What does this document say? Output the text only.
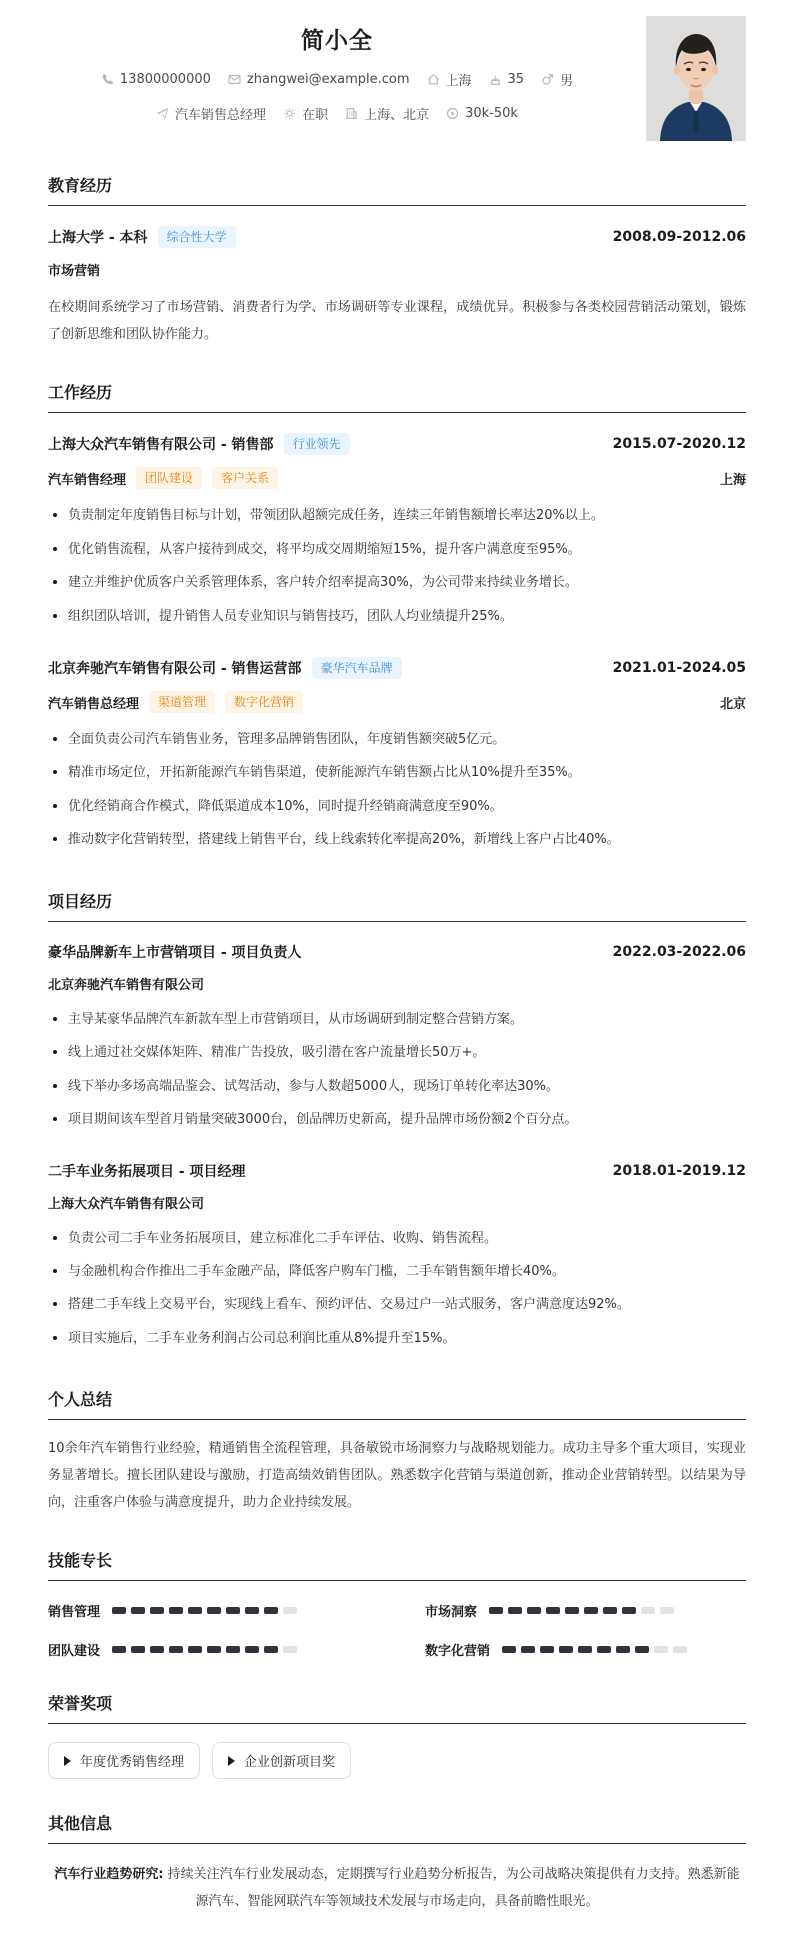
简小全
13800000000	zhangwei@example.com	上海	35	男
汽车销售总经理	在职	上海、北京	30k-50k
教育经历
上海大学 - 本科	综合性大学	2008.09-2012.06
市场营销

在校期间系统学习了市场营销、消费者行为学、市场调研等专业课程，成绩优异。积极参与各类校园营销活动策划，锻炼了创新思维和团队协作能力。

工作经历
上海大众汽车销售有限公司 - 销售部	行业领先	2015.07-2020.12
汽车销售经理	团队建设	客户关系	上海
负责制定年度销售目标与计划，带领团队超额完成任务，连续三年销售额增长率达20%以上。
优化销售流程，从客户接待到成交，将平均成交周期缩短15%，提升客户满意度至95%。
建立并维护优质客户关系管理体系，客户转介绍率提高30%，为公司带来持续业务增长。
组织团队培训，提升销售人员专业知识与销售技巧，团队人均业绩提升25%。
北京奔驰汽车销售有限公司 - 销售运营部	豪华汽车品牌	2021.01-2024.05
汽车销售总经理	渠道管理	数字化营销	北京
全面负责公司汽车销售业务，管理多品牌销售团队，年度销售额突破5亿元。
精准市场定位，开拓新能源汽车销售渠道，使新能源汽车销售额占比从10%提升至35%。
优化经销商合作模式，降低渠道成本10%，同时提升经销商满意度至90%。
推动数字化营销转型，搭建线上销售平台，线上线索转化率提高20%，新增线上客户占比40%。
项目经历
豪华品牌新车上市营销项目 - 项目负责人	2022.03-2022.06
北京奔驰汽车销售有限公司
主导某豪华品牌汽车新款车型上市营销项目，从市场调研到制定整合营销方案。
线上通过社交媒体矩阵、精准广告投放，吸引潜在客户流量增长50万+。
线下举办多场高端品鉴会、试驾活动，参与人数超5000人，现场订单转化率达30%。
项目期间该车型首月销量突破3000台，创品牌历史新高，提升品牌市场份额2个百分点。
二手车业务拓展项目 - 项目经理	2018.01-2019.12
上海大众汽车销售有限公司
负责公司二手车业务拓展项目，建立标准化二手车评估、收购、销售流程。
与金融机构合作推出二手车金融产品，降低客户购车门槛，二手车销售额年增长40%。
搭建二手车线上交易平台，实现线上看车、预约评估、交易过户一站式服务，客户满意度达92%。
项目实施后，二手车业务利润占公司总利润比重从8%提升至15%。
个人总结

10余年汽车销售行业经验，精通销售全流程管理，具备敏锐市场洞察力与战略规划能力。成功主导多个重大项目，实现业务显著增长。擅长团队建设与激励，打造高绩效销售团队。熟悉数字化营销与渠道创新，推动企业营销转型。以结果为导向，注重客户体验与满意度提升，助力企业持续发展。

技能专长
销售管理	市场洞察
团队建设	数字化营销
荣誉奖项
年度优秀销售经理	企业创新项目奖
其他信息

汽车行业趋势研究: 持续关注汽车行业发展动态，定期撰写行业趋势分析报告，为公司战略决策提供有力支持。熟悉新能源汽车、智能网联汽车等领域技术发展与市场走向，具备前瞻性眼光。
